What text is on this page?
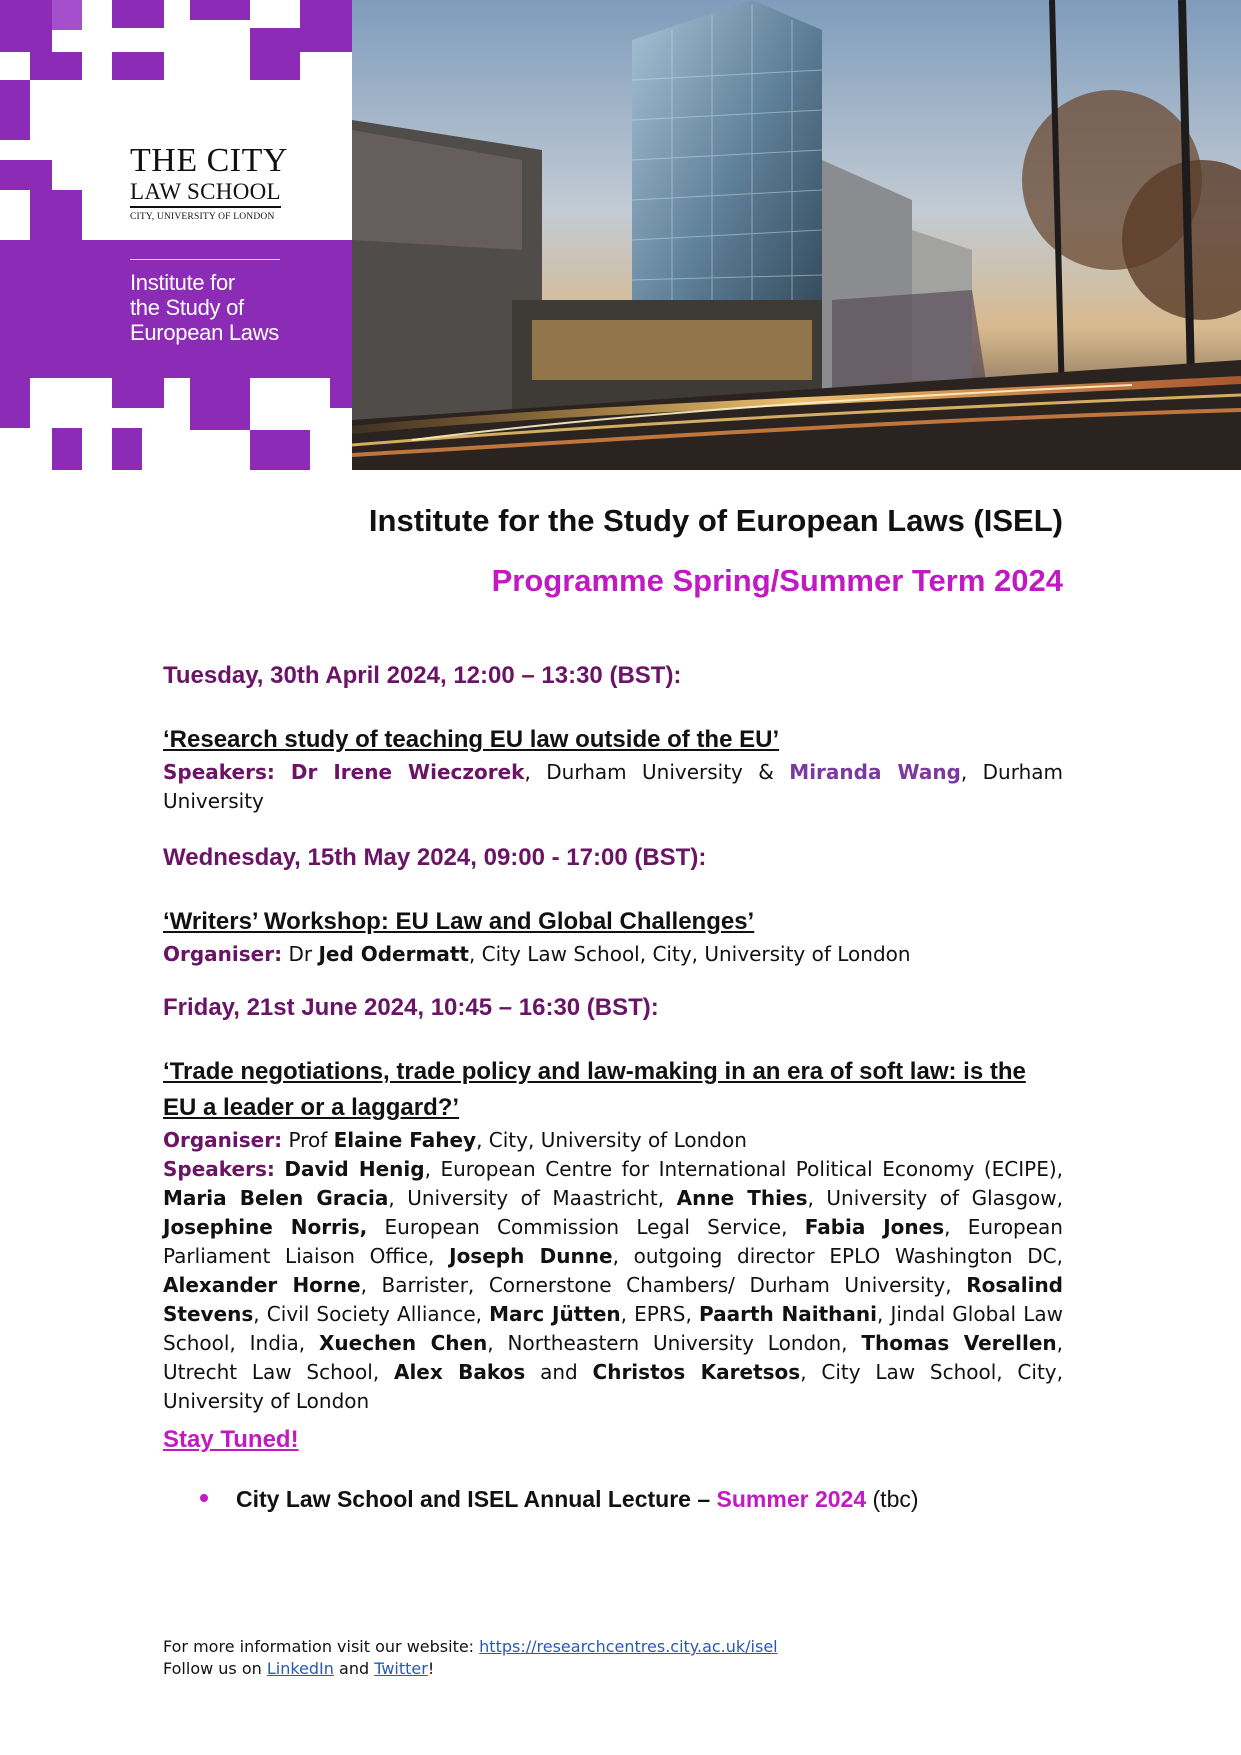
THE CITY
LAW SCHOOL
CITY, UNIVERSITY OF LONDON
Institute for
the Study of
European Laws
Institute for the Study of European Laws (ISEL)
Programme Spring/Summer Term 2024

Tuesday, 30th April 2024, 12:00 – 13:30 (BST):

‘Research study of teaching EU law outside of the EU’

Speakers: Dr Irene Wieczorek, Durham University & Miranda Wang, Durham University

Wednesday, 15th May 2024, 09:00 - 17:00 (BST):

‘Writers’ Workshop: EU Law and Global Challenges’

Organiser: Dr Jed Odermatt, City Law School, City, University of London

Friday, 21st June 2024, 10:45 – 16:30 (BST):

‘Trade negotiations, trade policy and law-making in an era of soft law: is the EU a leader or a laggard?’

Organiser: Prof Elaine Fahey, City, University of London

Speakers: David Henig, European Centre for International Political Economy (ECIPE), Maria Belen Gracia, University of Maastricht, Anne Thies, University of Glasgow, Josephine Norris, European Commission Legal Service, Fabia Jones, European Parliament Liaison Office, Joseph Dunne, outgoing director EPLO Washington DC, Alexander Horne, Barrister, Cornerstone Chambers/ Durham University, Rosalind Stevens, Civil Society Alliance, Marc Jütten, EPRS, Paarth Naithani, Jindal Global Law School, India, Xuechen Chen, Northeastern University London, Thomas Verellen, Utrecht Law School, Alex Bakos and Christos Karetsos, City Law School, City, University of London

Stay Tuned!
City Law School and ISEL Annual Lecture – Summer 2024 (tbc)
For more information visit our website: https://researchcentres.city.ac.uk/isel
Follow us on LinkedIn and Twitter!
